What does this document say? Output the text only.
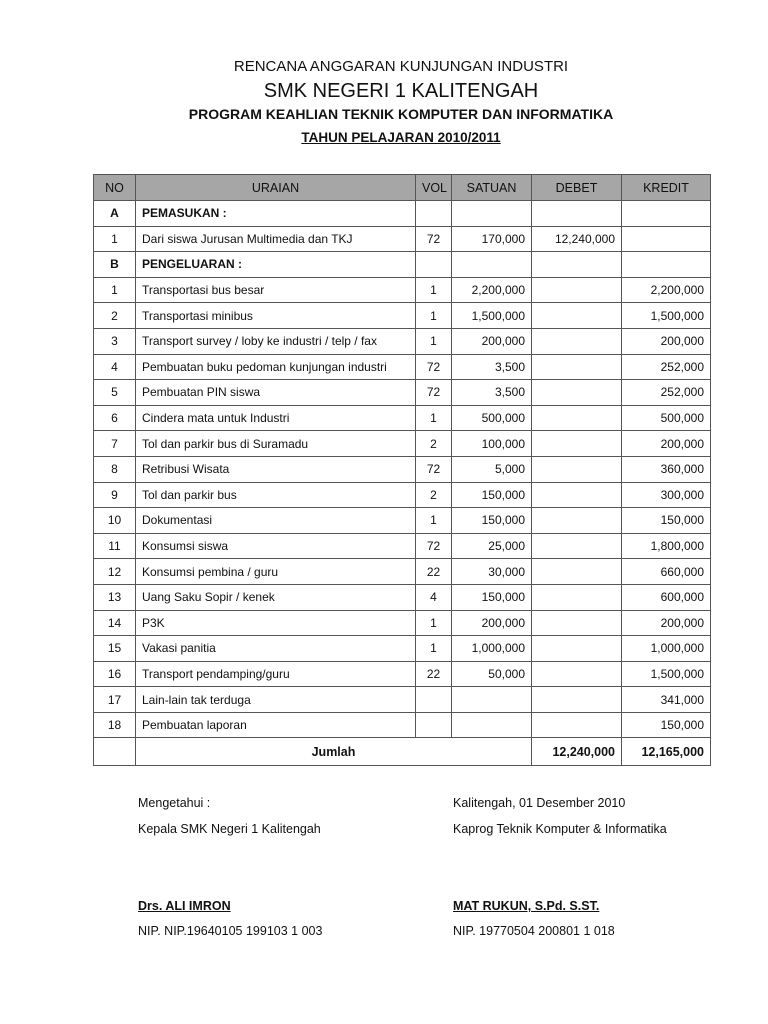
RENCANA ANGGARAN KUNJUNGAN INDUSTRI
SMK NEGERI 1 KALITENGAH
PROGRAM KEAHLIAN TEKNIK KOMPUTER DAN INFORMATIKA
TAHUN PELAJARAN 2010/2011
NO	URAIAN	VOL	SATUAN	DEBET	KREDIT
A	PEMASUKAN :				
1	Dari siswa Jurusan Multimedia dan TKJ	72	170,000	12,240,000	
B	PENGELUARAN :				
1	Transportasi bus besar	1	2,200,000		2,200,000
2	Transportasi minibus	1	1,500,000		1,500,000
3	Transport survey / loby ke industri / telp / fax	1	200,000		200,000
4	Pembuatan buku pedoman kunjungan industri	72	3,500		252,000
5	Pembuatan PIN siswa	72	3,500		252,000
6	Cindera mata untuk Industri	1	500,000		500,000
7	Tol dan parkir bus di Suramadu	2	100,000		200,000
8	Retribusi Wisata	72	5,000		360,000
9	Tol dan parkir bus	2	150,000		300,000
10	Dokumentasi	1	150,000		150,000
11	Konsumsi siswa	72	25,000		1,800,000
12	Konsumsi pembina / guru	22	30,000		660,000
13	Uang Saku Sopir / kenek	4	150,000		600,000
14	P3K	1	200,000		200,000
15	Vakasi panitia	1	1,000,000		1,000,000
16	Transport pendamping/guru	22	50,000		1,500,000
17	Lain-lain tak terduga				341,000
18	Pembuatan laporan				150,000
	Jumlah			12,240,000	12,165,000
Mengetahui :
Kepala SMK Negeri 1 Kalitengah
Drs. ALI IMRON
NIP. NIP.19640105 199103 1 003
Kalitengah, 01 Desember 2010
Kaprog Teknik Komputer & Informatika
MAT RUKUN, S.Pd. S.ST.
NIP. 19770504 200801 1 018
